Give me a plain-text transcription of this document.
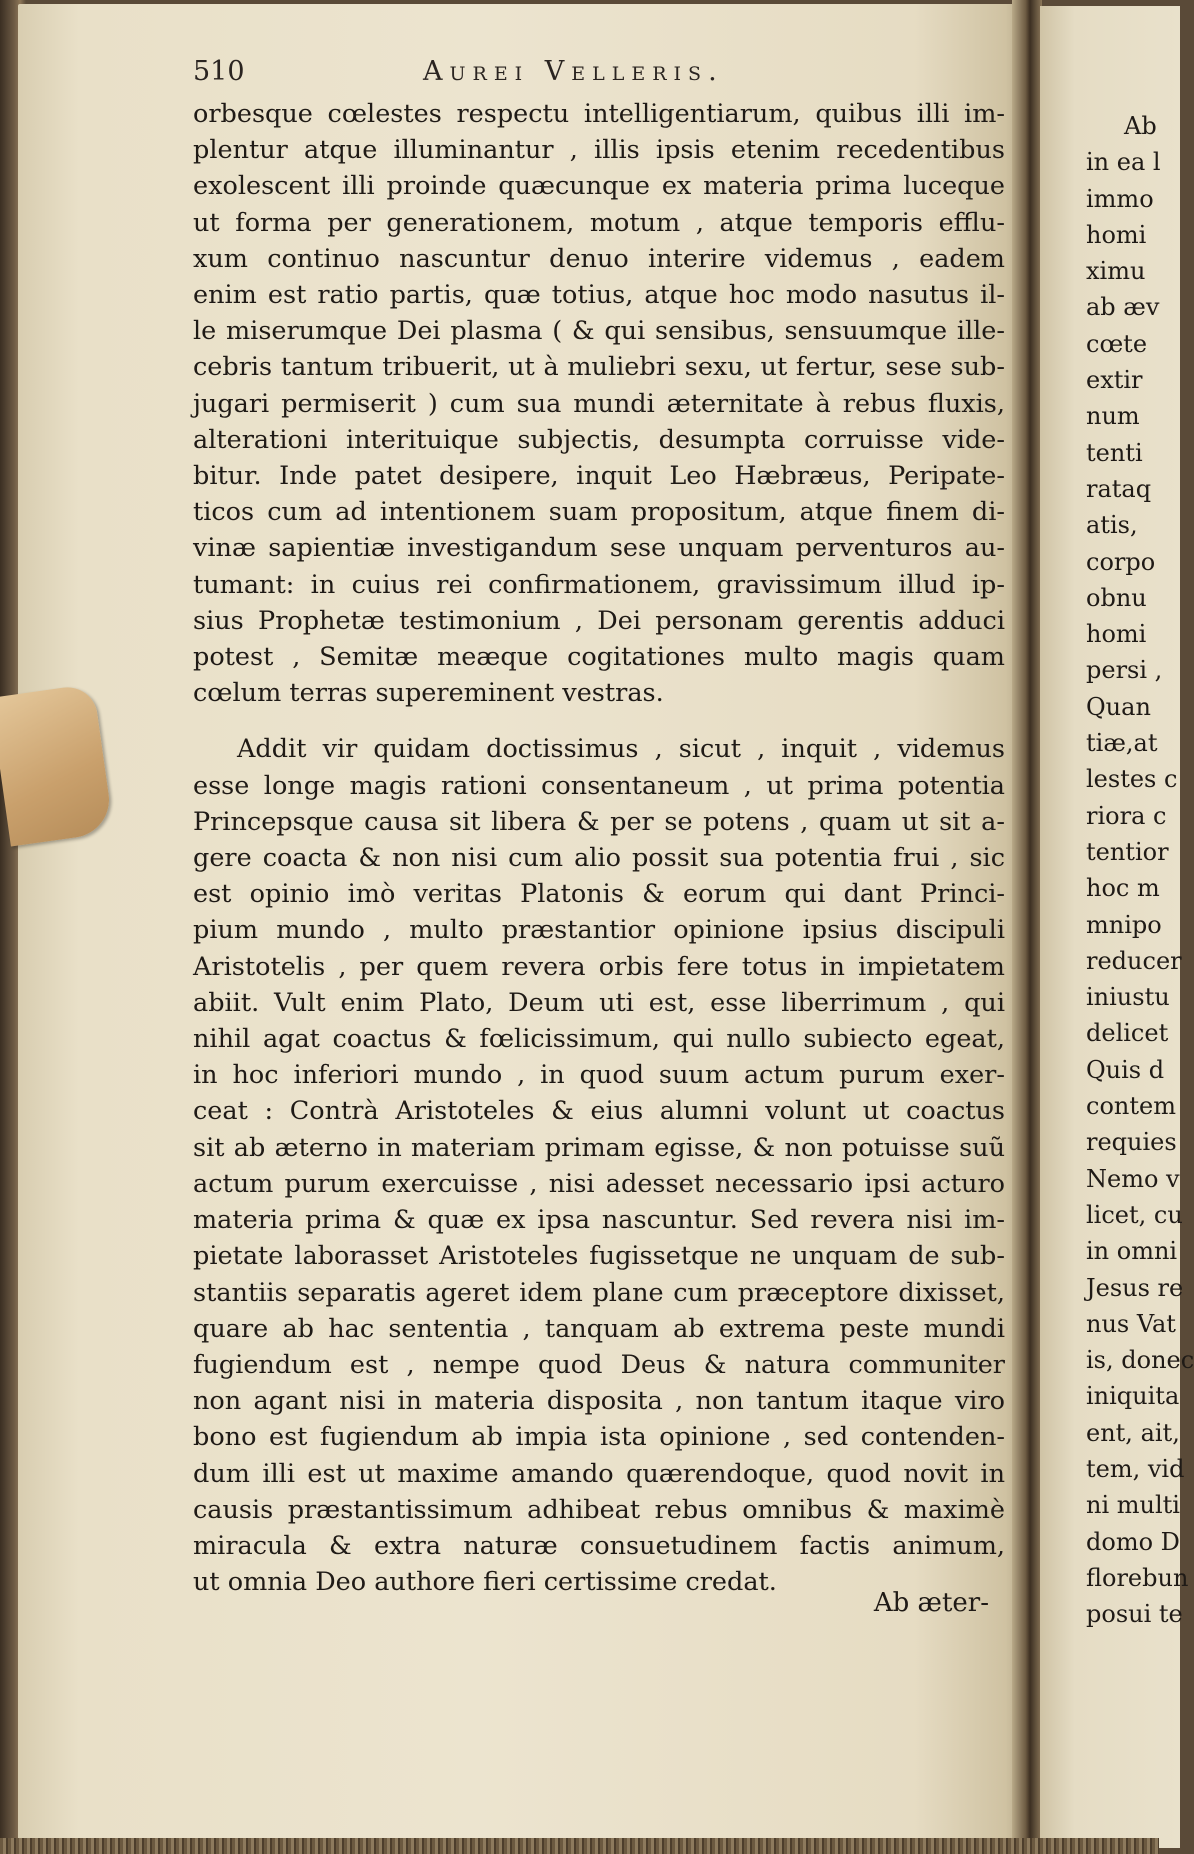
510	Aurei Velleris.
orbesque cœlestes respectu intelligentiarum, quibus illi im-
plentur atque illuminantur , illis ipsis etenim recedentibus
exolescent illi proinde quæcunque ex materia prima luceque
ut forma per generationem, motum , atque temporis efflu-
xum continuo nascuntur denuo interire videmus , eadem
enim est ratio partis, quæ totius, atque hoc modo nasutus il-
le miserumque Dei plasma ( & qui sensibus, sensuumque ille-
cebris tantum tribuerit, ut à muliebri sexu, ut fertur, sese sub-
jugari permiserit ) cum sua mundi æternitate à rebus fluxis,
alterationi interituique subjectis, desumpta corruisse vide-
bitur. Inde patet desipere, inquit Leo Hæbræus, Peripate-
ticos cum ad intentionem suam propositum, atque finem di-
vinæ sapientiæ investigandum sese unquam perventuros au-
tumant: in cuius rei confirmationem, gravissimum illud ip-
sius Prophetæ testimonium , Dei personam gerentis adduci
potest , Semitæ meæque cogitationes multo magis quam
cœlum terras supereminent vestras.
Addit vir quidam doctissimus , sicut , inquit , videmus
esse longe magis rationi consentaneum , ut prima potentia
Princepsque causa sit libera & per se potens , quam ut sit a-
gere coacta & non nisi cum alio possit sua potentia frui , sic
est opinio imò veritas Platonis & eorum qui dant Princi-
pium mundo , multo præstantior opinione ipsius discipuli
Aristotelis , per quem revera orbis fere totus in impietatem
abiit. Vult enim Plato, Deum uti est, esse liberrimum , qui
nihil agat coactus & fœlicissimum, qui nullo subiecto egeat,
in hoc inferiori mundo , in quod suum actum purum exer-
ceat : Contrà Aristoteles & eius alumni volunt ut coactus
sit ab æterno in materiam primam egisse, & non potuisse suũ
actum purum exercuisse , nisi adesset necessario ipsi acturo
materia prima & quæ ex ipsa nascuntur. Sed revera nisi im-
pietate laborasset Aristoteles fugissetque ne unquam de sub-
stantiis separatis ageret idem plane cum præceptore dixisset,
quare ab hac sententia , tanquam ab extrema peste mundi
fugiendum est , nempe quod Deus & natura communiter
non agant nisi in materia disposita , non tantum itaque viro
bono est fugiendum ab impia ista opinione , sed contenden-
dum illi est ut maxime amando quærendoque, quod novit in
causis præstantissimum adhibeat rebus omnibus & maximè
miracula & extra naturæ consuetudinem factis animum,
ut omnia Deo authore fieri certissime credat.
Ab æter-
Ab
in ea l
immo
homi
ximu
ab æv
cœte
extir
num
tenti
rataq
atis,
corpo
obnu
homi
persi ,
Quan
tiæ,at
lestes c
riora c
tentior
hoc m
mnipo
reducer
iniustu
delicet
Quis d
contem
requies
Nemo v
licet, cu
in omni
Jesus re
nus Vat
is, donec
iniquita
ent, ait,
tem, vid
ni multi
domo D
florebun
posui te
